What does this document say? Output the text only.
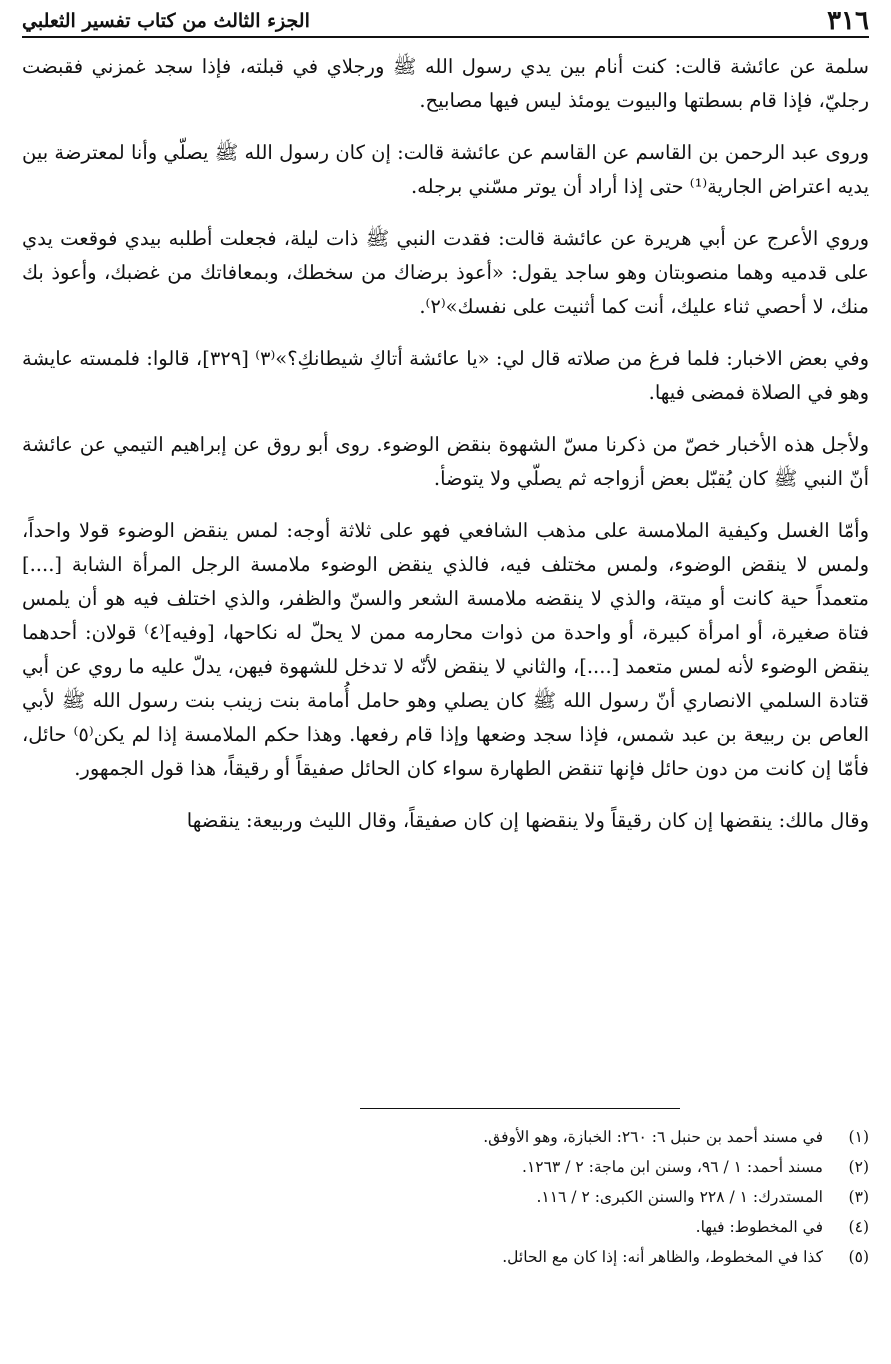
٣١٦
الجزء الثالث من كتاب تفسير الثعلبي

سلمة عن عائشة قالت: كنت أنام بين يدي رسول الله ﷺ ورجلاي في قبلته، فإذا سجد غمزني فقبضت رجليّ، فإذا قام بسطتها والبيوت يومئذ ليس فيها مصابيح.

وروى عبد الرحمن بن القاسم عن القاسم عن عائشة قالت: إن كان رسول الله ﷺ يصلّي وأنا لمعترضة بين يديه اعتراض الجارية⁽¹⁾ حتى إذا أراد أن يوتر مسّني برجله.

وروي الأعرج عن أبي هريرة عن عائشة قالت: فقدت النبي ﷺ ذات ليلة، فجعلت أطلبه بيدي فوقعت يدي على قدميه وهما منصوبتان وهو ساجد يقول: «أعوذ برضاك من سخطك، وبمعافاتك من غضبك، وأعوذ بك منك، لا أحصي ثناء عليك، أنت كما أثنيت على نفسك»⁽٢⁾.

وفي بعض الاخبار: فلما فرغ من صلاته قال لي: «يا عائشة أتاكِ شيطانكِ؟»⁽٣⁾ [٣٢٩]، قالوا: فلمسته عايشة وهو في الصلاة فمضى فيها.

ولأجل هذه الأخبار خصّ من ذكرنا مسّ الشهوة بنقض الوضوء. روى أبو روق عن إبراهيم التيمي عن عائشة أنّ النبي ﷺ كان يُقبّل بعض أزواجه ثم يصلّي ولا يتوضأ.

وأمّا الغسل وكيفية الملامسة على مذهب الشافعي فهو على ثلاثة أوجه: لمس ينقض الوضوء قولا واحداً، ولمس لا ينقض الوضوء، ولمس مختلف فيه، فالذي ينقض الوضوء ملامسة الرجل المرأة الشابة [....] متعمداً حية كانت أو ميتة، والذي لا ينقضه ملامسة الشعر والسنّ والظفر، والذي اختلف فيه هو أن يلمس فتاة صغيرة، أو امرأة كبيرة، أو واحدة من ذوات محارمه ممن لا يحلّ له نكاحها، [وفيه]⁽٤⁾ قولان: أحدهما ينقض الوضوء لأنه لمس متعمد [....]، والثاني لا ينقض لأنّه لا تدخل للشهوة فيهن، يدلّ عليه ما روي عن أبي قتادة السلمي الانصاري أنّ رسول الله ﷺ كان يصلي وهو حامل أُمامة بنت زينب بنت رسول الله ﷺ لأبي العاص بن ربيعة بن عبد شمس، فإذا سجد وضعها وإذا قام رفعها. وهذا حكم الملامسة إذا لم يكن⁽٥⁾ حائل، فأمّا إن كانت من دون حائل فإنها تنقض الطهارة سواء كان الحائل صفيقاً أو رقيقاً، هذا قول الجمهور.

وقال مالك: ينقضها إن كان رقيقاً ولا ينقضها إن كان صفيقاً، وقال الليث وربيعة: ينقضها

(١)
في مسند أحمد بن حنبل ٦: ٢٦٠: الخبازة، وهو الأوفق.
(٢)
مسند أحمد: ١ / ٩٦، وسنن ابن ماجة: ٢ / ١٢٦٣.
(٣)
المستدرك: ١ / ٢٢٨ والسنن الكبرى: ٢ / ١١٦.
(٤)
في المخطوط: فيها.
(٥)
كذا في المخطوط، والظاهر أنه: إذا كان مع الحائل.
